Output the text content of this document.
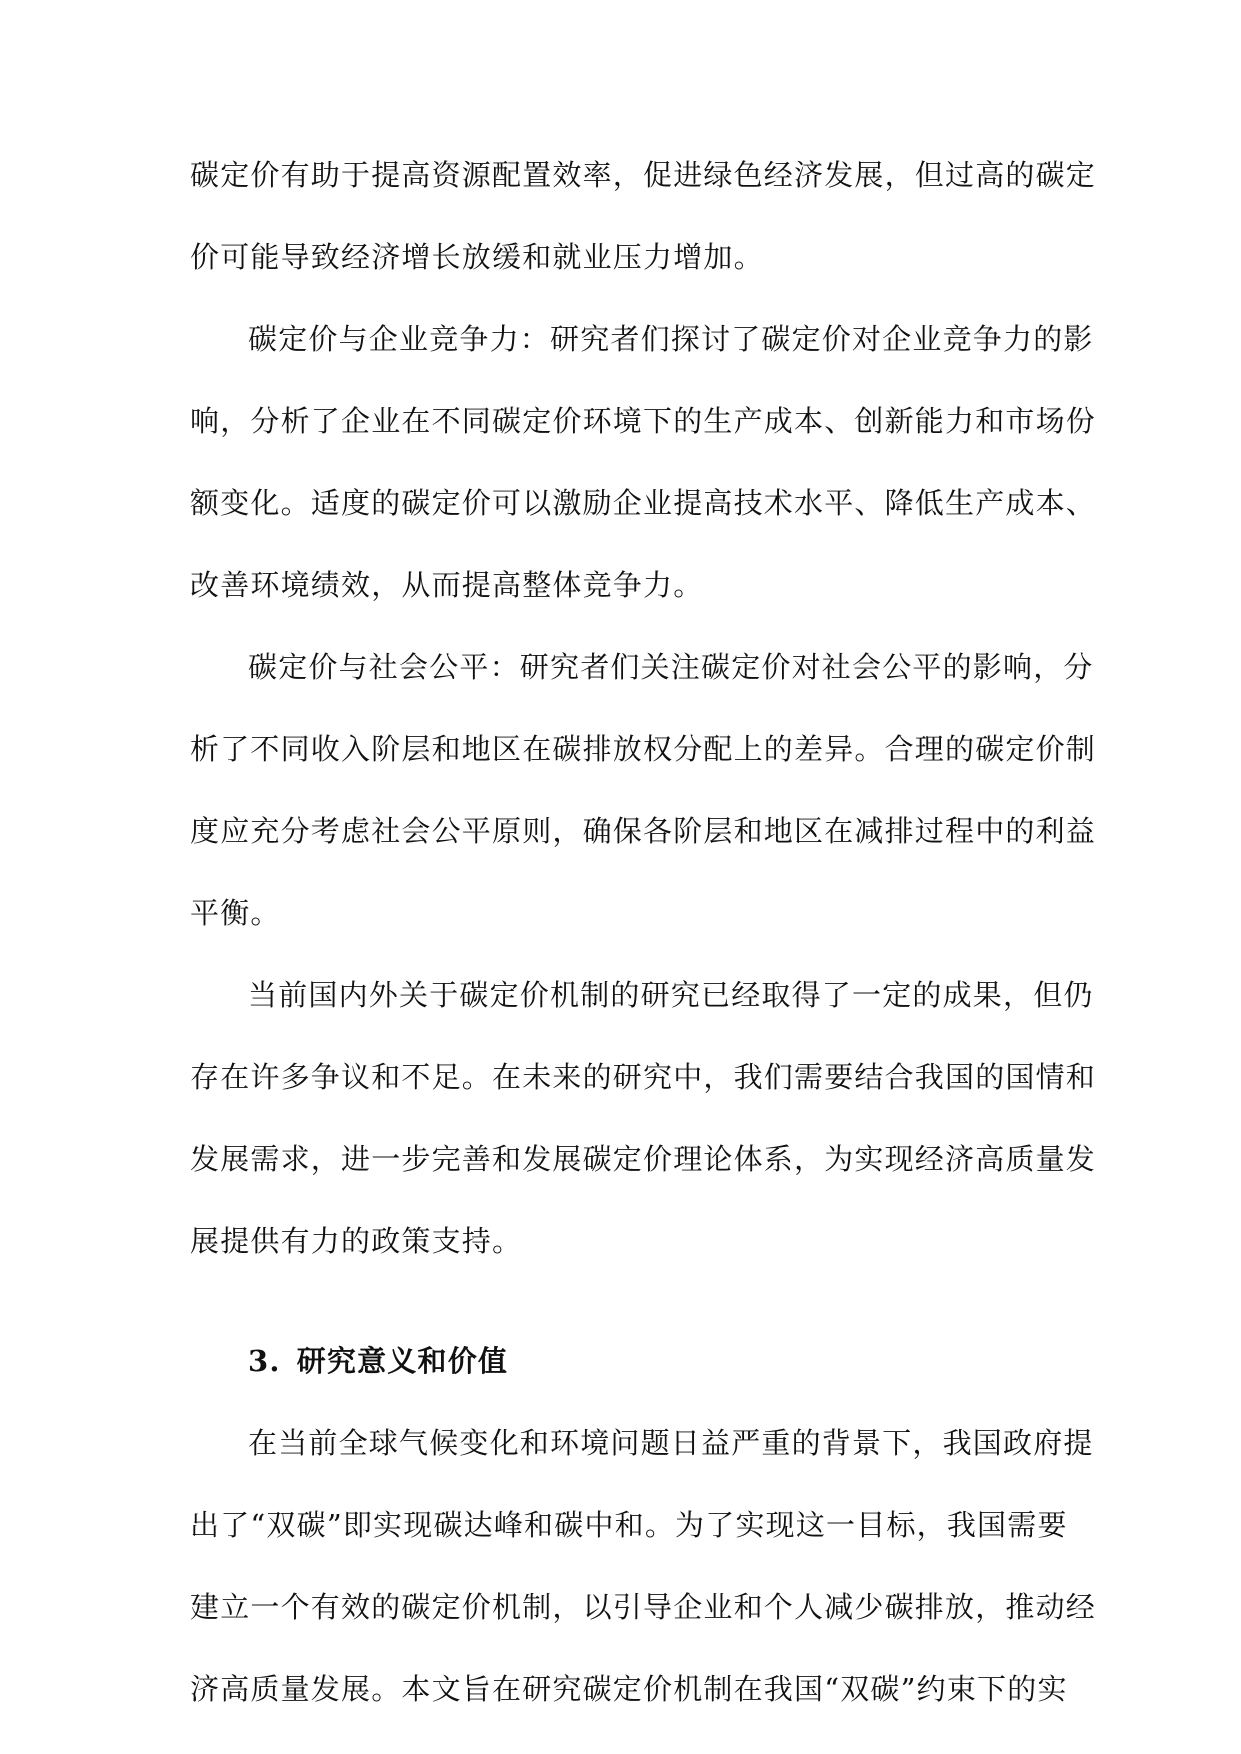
碳定价有助于提高资源配置效率，促进绿色经济发展，但过高的碳定
价可能导致经济增长放缓和就业压力增加。
碳定价与企业竞争力：研究者们探讨了碳定价对企业竞争力的影
响，分析了企业在不同碳定价环境下的生产成本、创新能力和市场份
额变化。适度的碳定价可以激励企业提高技术水平、降低生产成本、
改善环境绩效，从而提高整体竞争力。
碳定价与社会公平：研究者们关注碳定价对社会公平的影响，分
析了不同收入阶层和地区在碳排放权分配上的差异。合理的碳定价制
度应充分考虑社会公平原则，确保各阶层和地区在减排过程中的利益
平衡。
当前国内外关于碳定价机制的研究已经取得了一定的成果，但仍
存在许多争议和不足。在未来的研究中，我们需要结合我国的国情和
发展需求，进一步完善和发展碳定价理论体系，为实现经济高质量发
展提供有力的政策支持。
3. 研究意义和价值
在当前全球气候变化和环境问题日益严重的背景下，我国政府提
出了“双碳”即实现碳达峰和碳中和。为了实现这一目标，我国需要
建立一个有效的碳定价机制，以引导企业和个人减少碳排放，推动经
济高质量发展。本文旨在研究碳定价机制在我国“双碳”约束下的实
